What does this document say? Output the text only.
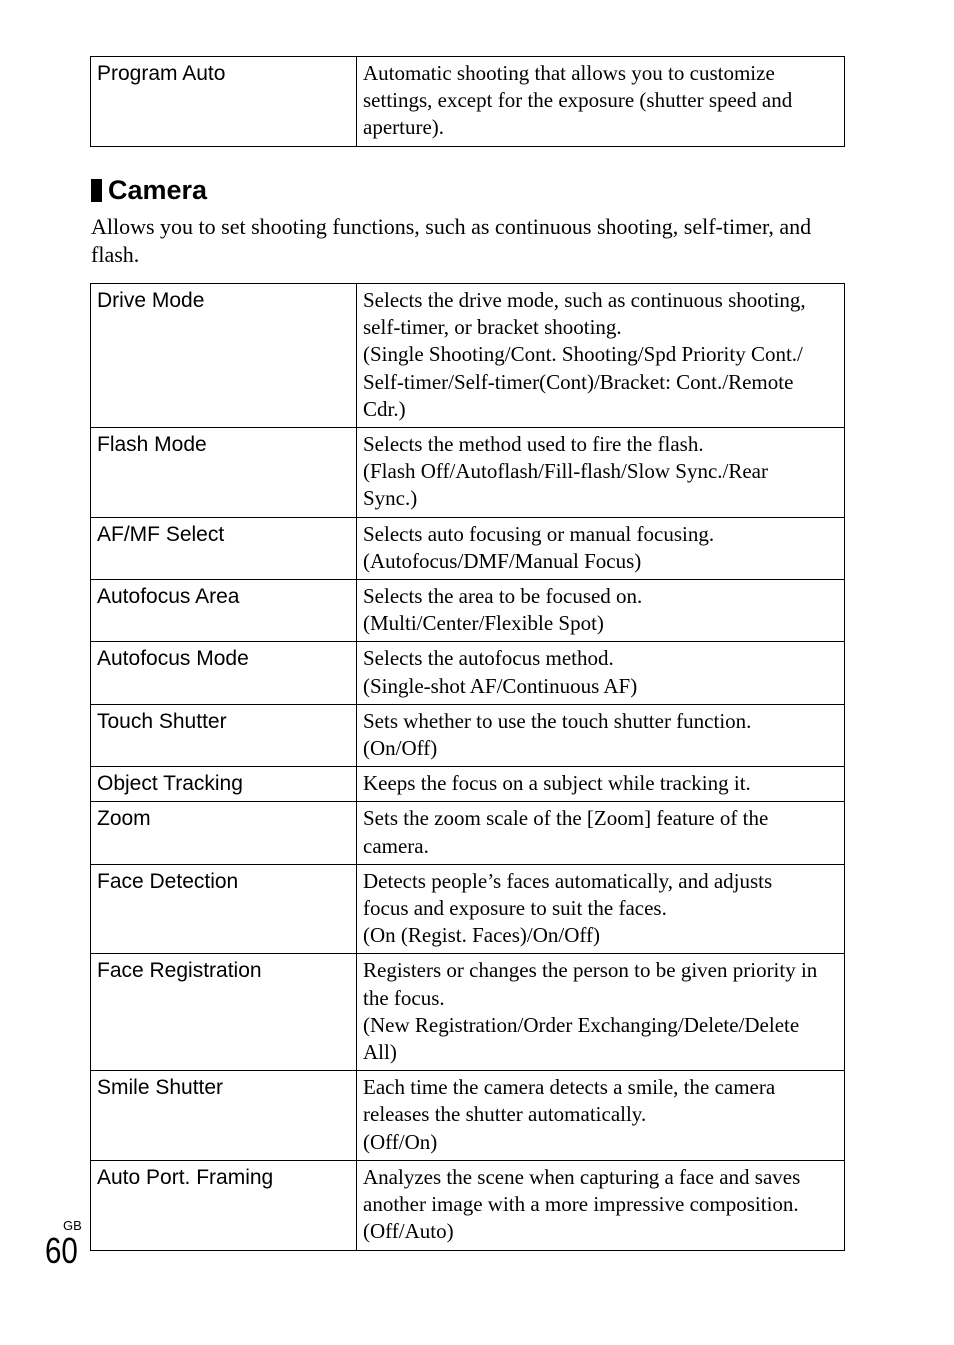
Program Auto	Automatic shooting that allows you to customize
settings, except for the exposure (shutter speed and
aperture).
Camera
Allows you to set shooting functions, such as continuous shooting, self-timer, and flash.
Drive Mode	Selects the drive mode, such as continuous shooting,
self-timer, or bracket shooting.
(Single Shooting/Cont. Shooting/Spd Priority Cont./
Self-timer/Self-timer(Cont)/Bracket: Cont./Remote
Cdr.)

Flash Mode	Selects the method used to fire the flash.
(Flash Off/Autoflash/Fill-flash/Slow Sync./Rear
Sync.)

AF/MF Select	Selects auto focusing or manual focusing.
(Autofocus/DMF/Manual Focus)

Autofocus Area	Selects the area to be focused on.
(Multi/Center/Flexible Spot)

Autofocus Mode	Selects the autofocus method.
(Single-shot AF/Continuous AF)

Touch Shutter	Sets whether to use the touch shutter function.
(On/Off)

Object Tracking	Keeps the focus on a subject while tracking it.

Zoom	Sets the zoom scale of the [Zoom] feature of the
camera.

Face Detection	Detects people’s faces automatically, and adjusts
focus and exposure to suit the faces.
(On (Regist. Faces)/On/Off)

Face Registration	Registers or changes the person to be given priority in
the focus.
(New Registration/Order Exchanging/Delete/Delete
All)

Smile Shutter	Each time the camera detects a smile, the camera
releases the shutter automatically.
(Off/On)

Auto Port. Framing	Analyzes the scene when capturing a face and saves
another image with a more impressive composition.
(Off/Auto)
GB
60
